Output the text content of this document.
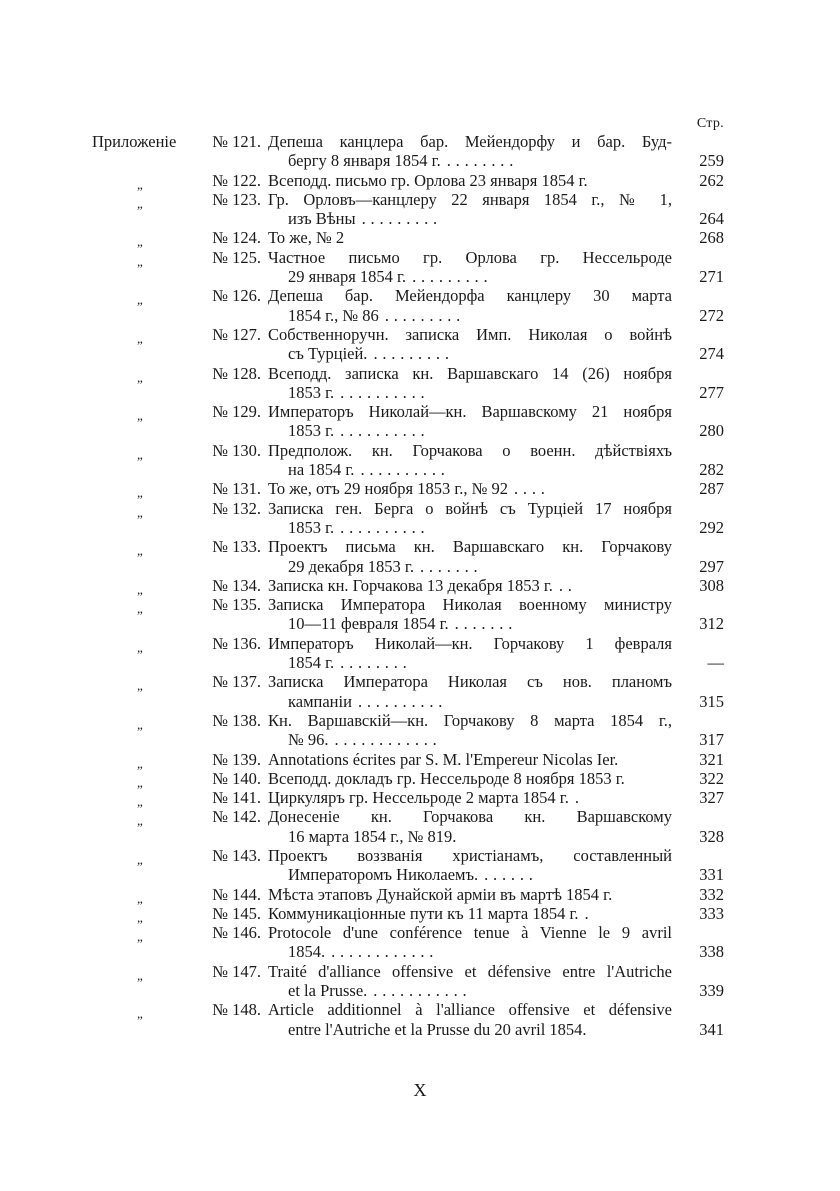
Стр.
Приложеніе	№ 121. Депеша канцлера бар. Мейендорфу и бар. Буд-
бергу 8 января 1854 г. ........	259
„	№ 122. Всеподд. письмо гр. Орлова 23 января 1854 г.	262
„	№ 123. Гр. Орловъ—канцлеру 22 января 1854 г., № 1,
изъ Вѣны .........	264
„	№ 124. То же, № 2	268
„	№ 125. Частное письмо гр. Орлова гр. Нессельроде
29 января 1854 г. .........	271
„	№ 126. Депеша бар. Мейендорфа канцлеру 30 марта
1854 г., № 86 .........	272
„	№ 127. Собственноручн. записка Имп. Николая о войнѣ
съ Турціей. .........	274
„	№ 128. Всеподд. записка кн. Варшавскаго 14 (26) ноября
1853 г. ..........	277
„	№ 129. Императоръ Николай—кн. Варшавскому 21 ноября
1853 г. ..........	280
„	№ 130. Предполож. кн. Горчакова о военн. дѣйствіяхъ
на 1854 г. ..........	282
„	№ 131. То же, отъ 29 ноября 1853 г., № 92 ....	287
„	№ 132. Записка ген. Берга о войнѣ съ Турціей 17 ноября
1853 г. ..........	292
„	№ 133. Проектъ письма кн. Варшавскаго кн. Горчакову
29 декабря 1853 г. .......	297
„	№ 134. Записка кн. Горчакова 13 декабря 1853 г. ..	308
„	№ 135. Записка Императора Николая военному министру
10—11 февраля 1854 г. .......	312
„	№ 136. Императоръ Николай—кн. Горчакову 1 февраля
1854 г. ........	—
„	№ 137. Записка Императора Николая съ нов. планомъ
кампаніи ..........	315
„	№ 138. Кн. Варшавскій—кн. Горчакову 8 марта 1854 г.,
№ 96. ............	317
„	№ 139. Annotations écrites par S. M. l'Empereur Nicolas Ier.	321
„	№ 140. Всеподд. докладъ гр. Нессельроде 8 ноября 1853 г.	322
„	№ 141. Циркуляръ гр. Нессельроде 2 марта 1854 г. .	327
„	№ 142. Донесеніе кн. Горчакова кн. Варшавскому
16 марта 1854 г., № 819.	328
„	№ 143. Проектъ воззванія христіанамъ, составленный
Императоромъ Николаемъ. ......	331
„	№ 144. Мѣста этаповъ Дунайской арміи въ мартѣ 1854 г.	332
„	№ 145. Коммуникаціонные пути къ 11 марта 1854 г. .	333
„	№ 146. Protocole d'une conférence tenue à Vienne le 9 avril
1854. ............	338
„	№ 147. Traité d'alliance offensive et défensive entre l'Autriche
et la Prusse. ...........	339
„	№ 148. Article additionnel à l'alliance offensive et défensive
entre l'Autriche et la Prusse du 20 avril 1854.	341
X
